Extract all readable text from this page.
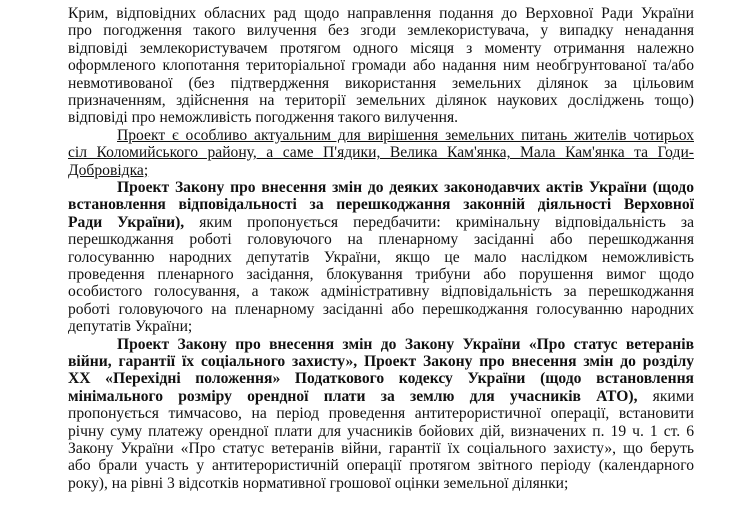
Крим, відповідних обласних рад щодо направлення подання до Верховної Ради України
про погодження такого вилучення без згоди землекористувача, у випадку ненадання
відповіді землекористувачем протягом одного місяця з моменту отримання належно
оформленого клопотання територіальної громади або надання ним необгрунтованої та/або
невмотивованої (без підтвердження використання земельних ділянок за цільовим
призначенням, здійснення на території земельних ділянок наукових досліджень тощо)
відповіді про неможливість погодження такого вилучення.
Проект є особливо актуальним для вирішення земельних питань жителів чотирьох
сіл Коломийського району, а саме П'ядики, Велика Кам'янка, Мала Кам'янка та Годи-
Добровідка;
Проект Закону про внесення змін до деяких законодавчих актів України (щодо
встановлення відповідальності за перешкоджання законній діяльності Верховної
Ради України), яким пропонується передбачити: кримінальну відповідальність за
перешкоджання роботі головуючого на пленарному засіданні або перешкоджання
голосуванню народних депутатів України, якщо це мало наслідком неможливість
проведення пленарного засідання, блокування трибуни або порушення вимог щодо
особистого голосування, а також адміністративну відповідальність за перешкоджання
роботі головуючого на пленарному засіданні або перешкоджання голосуванню народних
депутатів України;
Проект Закону про внесення змін до Закону України «Про статус ветеранів
війни, гарантії їх соціального захисту», Проект Закону про внесення змін до розділу
XX «Перехідні положення» Податкового кодексу України (щодо встановлення
мінімального розміру орендної плати за землю для учасників АТО), якими
пропонується тимчасово, на період проведення антитерористичної операції, встановити
річну суму платежу орендної плати для учасників бойових дій, визначених п. 19 ч. 1 ст. 6
Закону України «Про статус ветеранів війни, гарантії їх соціального захисту», що беруть
або брали участь у антитерористичній операції протягом звітного періоду (календарного
року), на рівні 3 відсотків нормативної грошової оцінки земельної ділянки;
